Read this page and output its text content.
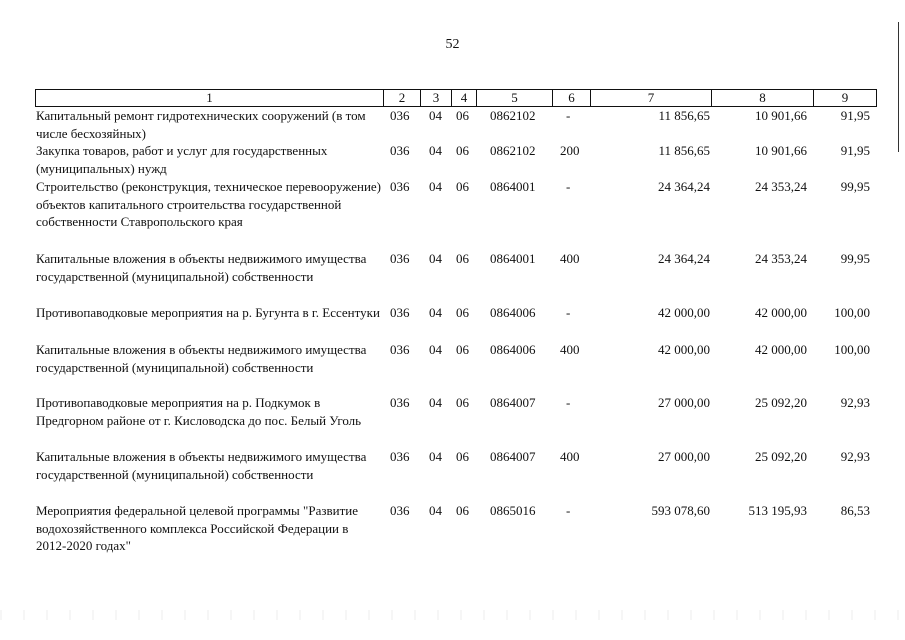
52
1	2	3	4	5	6	7	8	9
Капитальный ремонт гидротехнических сооружений (в том числе бесхозяйных)
036	04	06	0862102	-	11 856,65	10 901,66	91,95
Закупка товаров, работ и услуг для государственных (муниципальных) нужд
036	04	06	0862102	200	11 856,65	10 901,66	91,95
Строительство (реконструкция, техническое перевооружение) объектов капитального строительства государственной собственности Ставропольского края
036	04	06	0864001	-	24 364,24	24 353,24	99,95
Капитальные вложения в объекты недвижимого имущества государственной (муниципальной) собственности
036	04	06	0864001	400	24 364,24	24 353,24	99,95
Противопаводковые мероприятия на р. Бугунта в г. Ессентуки 036	04	06	0864006	-	42 000,00	42 000,00	100,00
Капитальные вложения в объекты недвижимого имущества государственной (муниципальной) собственности
036	04	06	0864006	400	42 000,00	42 000,00	100,00
Противопаводковые мероприятия на р. Подкумок в Предгорном районе от г. Кисловодска до пос. Белый Уголь
036	04	06	0864007	-	27 000,00	25 092,20	92,93
Капитальные вложения в объекты недвижимого имущества государственной (муниципальной) собственности
036	04	06	0864007	400	27 000,00	25 092,20	92,93
Мероприятия федеральной целевой программы "Развитие водохозяйственного комплекса Российской Федерации в 2012-2020 годах"
036	04	06	0865016	-	593 078,60	513 195,93	86,53
